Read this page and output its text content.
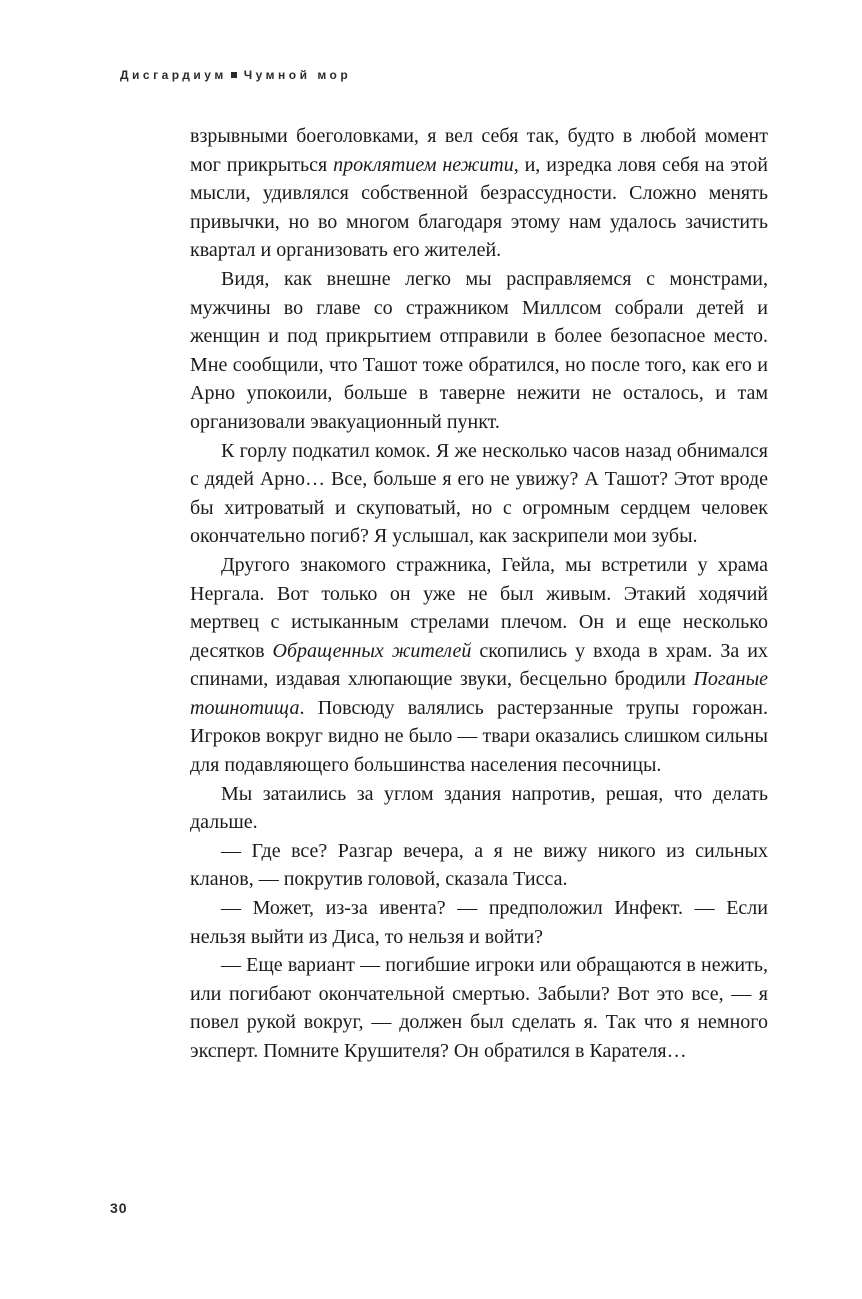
Дисгардиум Чумной мор

взрывными боеголовками, я вел себя так, будто в любой момент мог прикрыться проклятием нежити, и, изредка ловя себя на этой мысли, удивлялся собственной безрассудности. Сложно менять привычки, но во многом благодаря этому нам удалось зачистить квартал и организовать его жителей.

Видя, как внешне легко мы расправляемся с монстрами, мужчины во главе со стражником Миллсом собрали детей и женщин и под прикрытием отправили в более безопасное место. Мне сообщили, что Ташот тоже обратился, но после того, как его и Арно упокоили, больше в таверне нежити не осталось, и там организовали эвакуационный пункт.

К горлу подкатил комок. Я же несколько часов назад обнимался с дядей Арно… Все, больше я его не увижу? А Ташот? Этот вроде бы хитроватый и скуповатый, но с огромным сердцем человек окончательно погиб? Я услышал, как заскрипели мои зубы.

Другого знакомого стражника, Гейла, мы встретили у храма Нергала. Вот только он уже не был живым. Этакий ходячий мертвец с истыканным стрелами плечом. Он и еще несколько десятков Обращенных жителей скопились у входа в храм. За их спинами, издавая хлюпающие звуки, бесцельно бродили Поганые тошнотища. Повсюду валялись растерзанные трупы горожан. Игроков вокруг видно не было — твари оказались слишком сильны для подавляющего большинства населения песочницы.

Мы затаились за углом здания напротив, решая, что делать дальше.

— Где все? Разгар вечера, а я не вижу никого из сильных кланов, — покрутив головой, сказала Тисса.

— Может, из-за ивента? — предположил Инфект. — Если нельзя выйти из Диса, то нельзя и войти?

— Еще вариант — погибшие игроки или обращаются в нежить, или погибают окончательной смертью. Забыли? Вот это все, — я повел рукой вокруг, — должен был сделать я. Так что я немного эксперт. Помните Крушителя? Он обратился в Карателя…

30
